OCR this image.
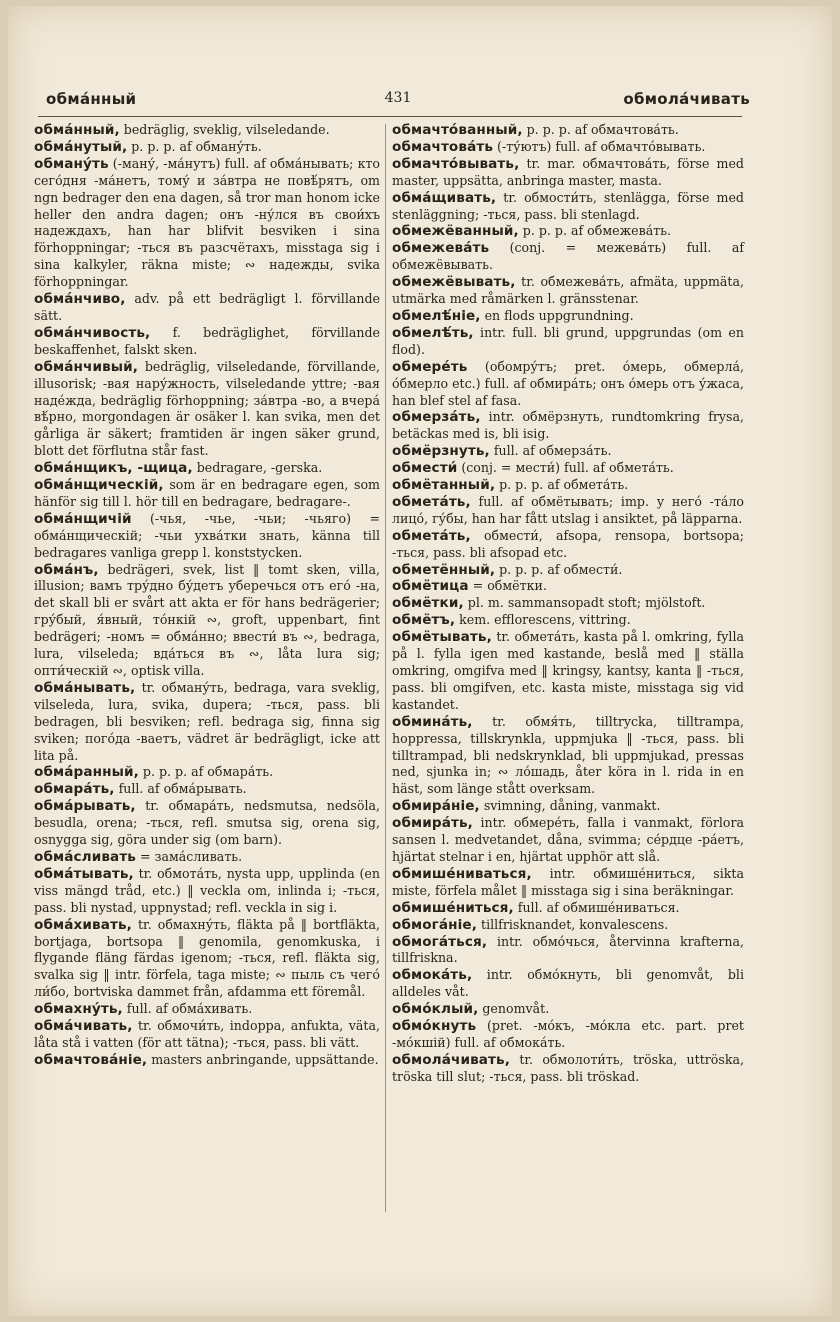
обма́нный	431	обмола́чивать

обма́нный, bedräglig, sveklig, vilseledande.

обма́нутый, p. p. p. af обману́ть.

обману́ть (-ману́, -ма́нутъ) full. af обма́нывать; кто сего́дня -ма́нетъ, тому́ и за́втра не повѣ́рятъ, om ngn bedrager den ena dagen, så tror man honom icke heller den andra dagen; онъ -ну́лся въ свои́хъ надеждахъ, han har blifvit besviken i sina förhoppningar; -ться въ разсчётахъ, misstaga sig i sina kalkyler, räkna miste; ∾ надежды, svika förhoppningar.

обма́нчиво, adv. på ett bedrägligt l. förvillande sätt.

обма́нчивость, f. bedräglighet, förvillande beskaffenhet, falskt sken.

обма́нчивый, bedräglig, vilseledande, förvillande, illusorisk; -вая нару́жность, vilseledande yttre; -вая наде́жда, bedräglig förhoppning; за́втра -во, а вчера́ вѣ́рно, morgondagen är osäker l. kan svika, men det gårliga är säkert; framtiden är ingen säker grund, blott det förflutna står fast.

обма́нщикъ, -щица, bedragare, -gerska.

обма́нщическій, som är en bedragare egen, som hänför sig till l. hör till en bedragare, bedragare-.

обма́нщичій (-чья, -чье, -чьи; -чьяго) = обма́нщическій; -чьи ухва́тки знать, känna till bedragares vanliga grepp l. konststycken.

обма́нъ, bedrägeri, svek, list ‖ tomt sken, villa, illusion; вамъ тру́дно бу́детъ уберечься отъ его́ -на, det skall bli er svårt att akta er för hans bedrägerier; гру́бый, я́вный, то́нкій ∾, groft, uppenbart, fint bedrägeri; -номъ = обма́нно; ввести́ въ ∾, bedraga, lura, vilseleda; вда́ться въ ∾, låta lura sig; опти́ческій ∾, optisk villa.

обма́нывать, tr. обману́ть, bedraga, vara sveklig, vilseleda, lura, svika, dupera; -ться, pass. bli bedragen, bli besviken; refl. bedraga sig, finna sig sviken; пого́да -ваетъ, vädret är bedrägligt, icke att lita på.

обма́ранный, p. p. p. af обмара́ть.

обмара́ть, full. af обма́рывать.

обма́рывать, tr. обмара́ть, nedsmutsa, nedsöla, besudla, orena; -ться, refl. smutsa sig, orena sig, osnygga sig, göra under sig (om barn).

обма́сливать = зама́сливать.

обма́тывать, tr. обмота́ть, nysta upp, upplinda (en viss mängd tråd, etc.) ‖ veckla om, inlinda i; -ться, pass. bli nystad, uppnystad; refl. veckla in sig i.

обма́хивать, tr. обмахну́ть, fläkta på ‖ bortfläkta, bortjaga, bortsopa ‖ genomila, genomkuska, i flygande fläng färdas igenom; -ться, refl. fläkta sig, svalka sig ‖ intr. förfela, taga miste; ∾ пыль съ чего́ ли́бо, bortviska dammet från, afdamma ett föremål.

обмахну́ть, full. af обма́хивать.

обма́чивать, tr. обмочи́ть, indoppa, anfukta, väta, låta stå i vatten (för att tätna); -ться, pass. bli vätt.

обмачтова́ніе, masters anbringande, uppsättande.

обмачто́ванный, p. p. p. af обмачтова́ть.

обмачтова́ть (-ту́ютъ) full. af обмачто́вывать.

обмачто́вывать, tr. mar. обмачтова́ть, förse med master, uppsätta, anbringa master, masta.

обма́щивать, tr. обмости́ть, stenlägga, förse med stenläggning; -ться, pass. bli stenlagd.

обмежёванный, p. p. p. af обмежева́ть.

обмежева́ть (conj. = межева́ть) full. af обмежёвывать.

обмежёвывать, tr. обмежева́ть, afmäta, uppmäta, utmärka med råmärken l. gränsstenar.

обмелѣ́ніе, en flods uppgrundning.

обмелѣ́ть, intr. full. bli grund, uppgrundas (om en flod).

обмере́ть (обомру́тъ; pret. о́мерь, обмерла́, о́бмерло etc.) full. af обмира́ть; онъ о́мерь отъ у́жаса, han blef stel af fasa.

обмерза́ть, intr. обмёрзнуть, rundtomkring frysa, betäckas med is, bli isig.

обмёрзнуть, full. af обмерза́ть.

обмести́ (conj. = мести́) full. af обмета́ть.

обмётанный, p. p. p. af обмета́ть.

обмета́ть, full. af обмётывать; imp. у него́ -та́ло лицо́, гу́бы, han har fått utslag i ansiktet, på läpparna.

обмета́ть, обмести́, afsopa, rensopa, bortsopa; -ться, pass. bli afsopad etc.

обметённый, p. p. p. af обмести́.

обмётица = обмётки.

обмётки, pl. m. sammansopadt stoft; mjölstoft.

обмётъ, kem. efflorescens, vittring.

обмётывать, tr. обмета́ть, kasta på l. omkring, fylla på l. fylla igen med kastande, beslå med ‖ ställa omkring, omgifva med ‖ kringsy, kantsy, kanta ‖ -ться, pass. bli omgifven, etc. kasta miste, misstaga sig vid kastandet.

обмина́ть, tr. обмя́ть, tilltrycka, tilltrampa, hoppressa, tillskrynkla, uppmjuka ‖ -ться, pass. bli tilltrampad, bli nedskrynklad, bli uppmjukad, pressas ned, sjunka in; ∾ ло́шадь, åter köra in l. rida in en häst, som länge stått overksam.

обмира́ніе, svimning, dåning, vanmakt.

обмира́ть, intr. обмере́ть, falla i vanmakt, förlora sansen l. medvetandet, dåna, svimma; се́рдце -ра́етъ, hjärtat stelnar i en, hjärtat upphör att slå.

обмише́ниваться, intr. обмише́ниться, sikta miste, förfela målet ‖ misstaga sig i sina beräkningar.

обмише́ниться, full. af обмише́ниваться.

обмога́ніе, tillfrisknandet, konvalescens.

обмога́ться, intr. обмо́чься, återvinna krafterna, tillfriskna.

обмока́ть, intr. обмо́кнуть, bli genomvåt, bli alldeles våt.

обмо́клый, genomvåt.

обмо́кнуть (pret. -мо́къ, -мо́кла etc. part. pret -мо́кшій) full. af обмока́ть.

обмола́чивать, tr. обмолоти́ть, tröska, uttröska, tröska till slut; -ться, pass. bli tröskad.
